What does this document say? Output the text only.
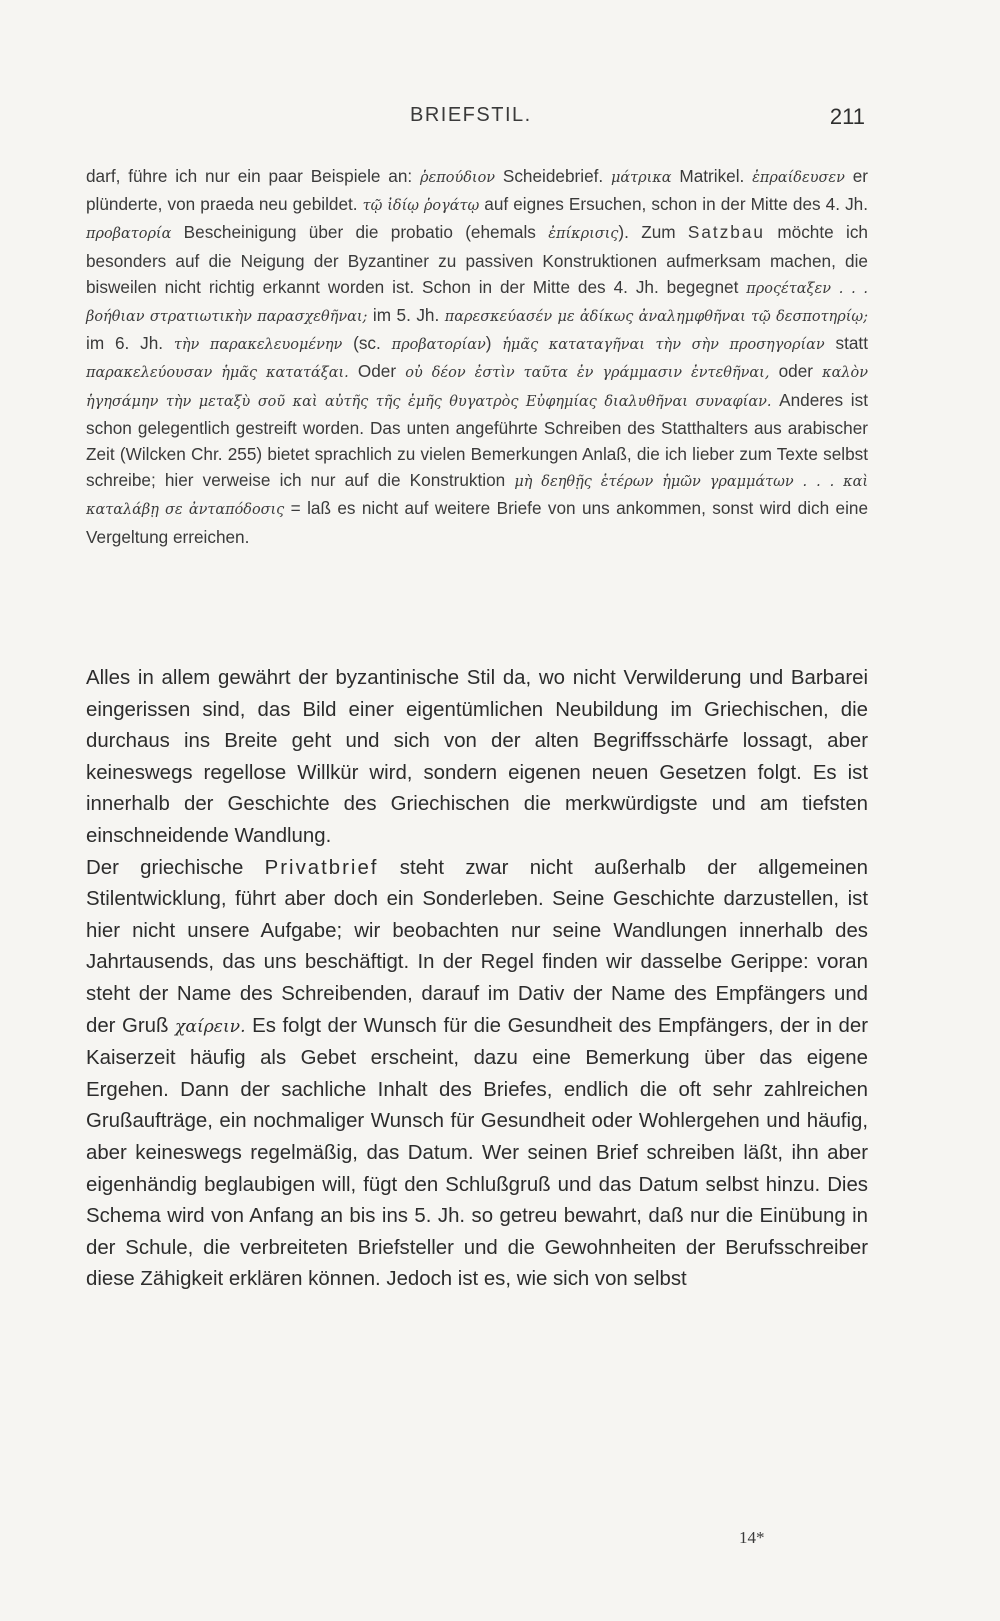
BRIEFSTIL.	211

darf, führe ich nur ein paar Beispiele an: ῥεπούδιον Scheidebrief. μάτρικα Matrikel. ἐπραίδευσεν er plünderte, von praeda neu gebildet. τῷ ἰδίῳ ῥογάτῳ auf eignes Ersuchen, schon in der Mitte des 4. Jh. προβατορία Bescheinigung über die probatio (ehemals ἐπίκρισις). Zum Satzbau möchte ich besonders auf die Neigung der Byzantiner zu passiven Konstruktionen aufmerksam machen, die bisweilen nicht richtig erkannt worden ist. Schon in der Mitte des 4. Jh. begegnet προςέταξεν . . . βοήθιαν στρατιωτικὴν παρασχεθῆναι; im 5. Jh. παρεσκεύασέν με ἀδίκως ἀναλημφθῆναι τῷ δεσποτηρίῳ; im 6. Jh. τὴν παρακελευομένην (sc. προβατορίαν) ἡμᾶς καταταγῆναι τὴν σὴν προσηγορίαν statt παρακελεύουσαν ἡμᾶς κατατάξαι. Oder οὐ δέον ἐστὶν ταῦτα ἐν γράμμασιν ἐντεθῆναι, oder καλὸν ἡγησάμην τὴν μεταξὺ σοῦ καὶ αὐτῆς τῆς ἐμῆς θυγατρὸς Εὐφημίας διαλυθῆναι συναφίαν. Anderes ist schon gelegentlich gestreift worden. Das unten angeführte Schreiben des Statthalters aus arabischer Zeit (Wilcken Chr. 255) bietet sprachlich zu vielen Bemerkungen Anlaß, die ich lieber zum Texte selbst schreibe; hier verweise ich nur auf die Konstruktion μὴ δεηθῇς ἑτέρων ἡμῶν γραμμάτων . . . καὶ καταλάβῃ σε ἀνταπόδοσις = laß es nicht auf weitere Briefe von uns ankommen, sonst wird dich eine Vergeltung erreichen.

Alles in allem gewährt der byzantinische Stil da, wo nicht Verwilderung und Barbarei eingerissen sind, das Bild einer eigentümlichen Neubildung im Griechischen, die durchaus ins Breite geht und sich von der alten Begriffsschärfe lossagt, aber keineswegs regellose Willkür wird, sondern eigenen neuen Gesetzen folgt. Es ist innerhalb der Geschichte des Griechischen die merkwürdigste und am tiefsten einschneidende Wandlung.

Der griechische Privatbrief steht zwar nicht außerhalb der allgemeinen Stilentwicklung, führt aber doch ein Sonderleben. Seine Geschichte darzustellen, ist hier nicht unsere Aufgabe; wir beobachten nur seine Wandlungen innerhalb des Jahrtausends, das uns beschäftigt. In der Regel finden wir dasselbe Gerippe: voran steht der Name des Schreibenden, darauf im Dativ der Name des Empfängers und der Gruß χαίρειν. Es folgt der Wunsch für die Gesundheit des Empfängers, der in der Kaiserzeit häufig als Gebet erscheint, dazu eine Bemerkung über das eigene Ergehen. Dann der sachliche Inhalt des Briefes, endlich die oft sehr zahlreichen Grußaufträge, ein nochmaliger Wunsch für Gesundheit oder Wohlergehen und häufig, aber keineswegs regelmäßig, das Datum. Wer seinen Brief schreiben läßt, ihn aber eigenhändig beglaubigen will, fügt den Schlußgruß und das Datum selbst hinzu. Dies Schema wird von Anfang an bis ins 5. Jh. so getreu bewahrt, daß nur die Einübung in der Schule, die verbreiteten Briefsteller und die Gewohnheiten der Berufsschreiber diese Zähigkeit erklären können. Jedoch ist es, wie sich von selbst

14*
